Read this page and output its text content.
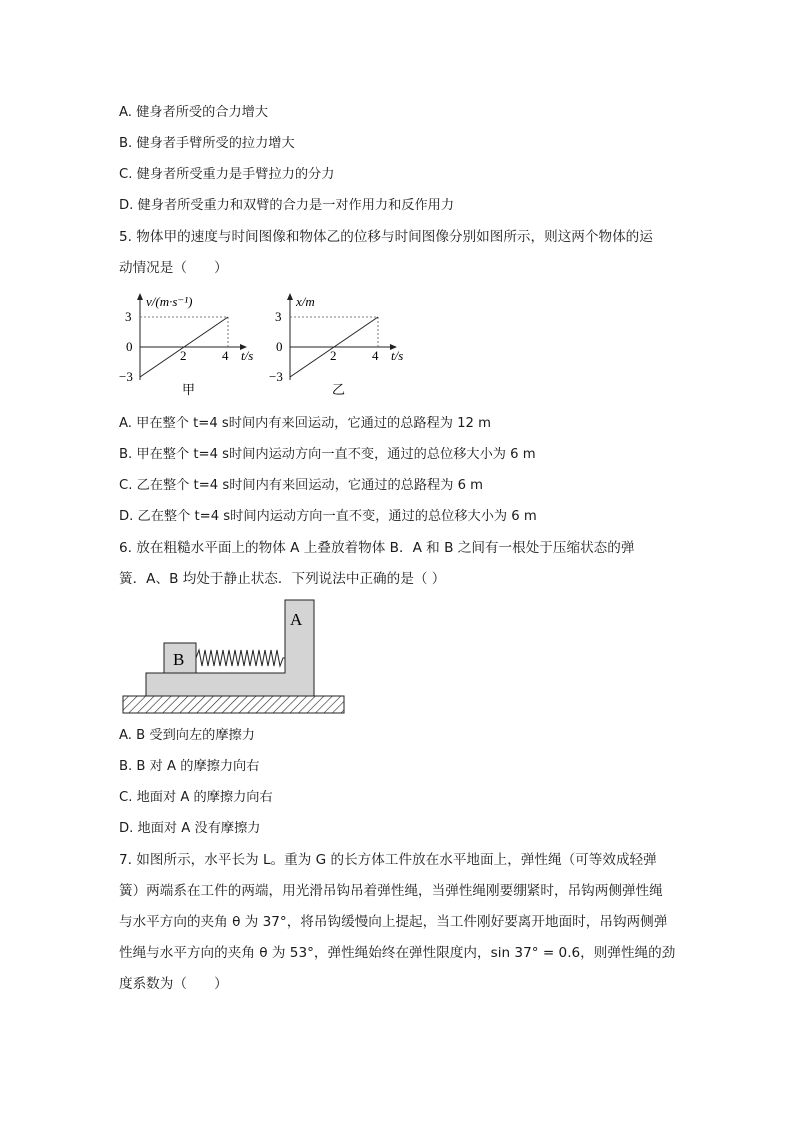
A. 健身者所受的合力增大
B. 健身者手臂所受的拉力增大
C. 健身者所受重力是手臂拉力的分力
D. 健身者所受重力和双臂的合力是一对作用力和反作用力
5. 物体甲的速度与时间图像和物体乙的位移与时间图像分别如图所示，则这两个物体的运
动情况是（　　）
v/(m·s⁻¹)
3
0
−3
2	4 t/s
甲
x/m
3
0
−3
2	4 t/s
乙
A. 甲在整个 t=4 s时间内有来回运动，它通过的总路程为 12 m
B. 甲在整个 t=4 s时间内运动方向一直不变，通过的总位移大小为 6 m
C. 乙在整个 t=4 s时间内有来回运动，它通过的总路程为 6 m
D. 乙在整个 t=4 s时间内运动方向一直不变，通过的总位移大小为 6 m
6. 放在粗糙水平面上的物体 A 上叠放着物体 B．A 和 B 之间有一根处于压缩状态的弹
簧．A、B 均处于静止状态．下列说法中正确的是（ ）
A
B
A. B 受到向左的摩擦力
B. B 对 A 的摩擦力向右
C. 地面对 A 的摩擦力向右
D. 地面对 A 没有摩擦力
7. 如图所示，水平长为 L。重为 G 的长方体工件放在水平地面上，弹性绳（可等效成轻弹
簧）两端系在工件的两端，用光滑吊钩吊着弹性绳，当弹性绳刚要绷紧时，吊钩两侧弹性绳
与水平方向的夹角 θ 为 37°，将吊钩缓慢向上提起，当工件刚好要离开地面时，吊钩两侧弹
性绳与水平方向的夹角 θ 为 53°，弹性绳始终在弹性限度内，sin 37° = 0.6，则弹性绳的劲
度系数为（　　）
